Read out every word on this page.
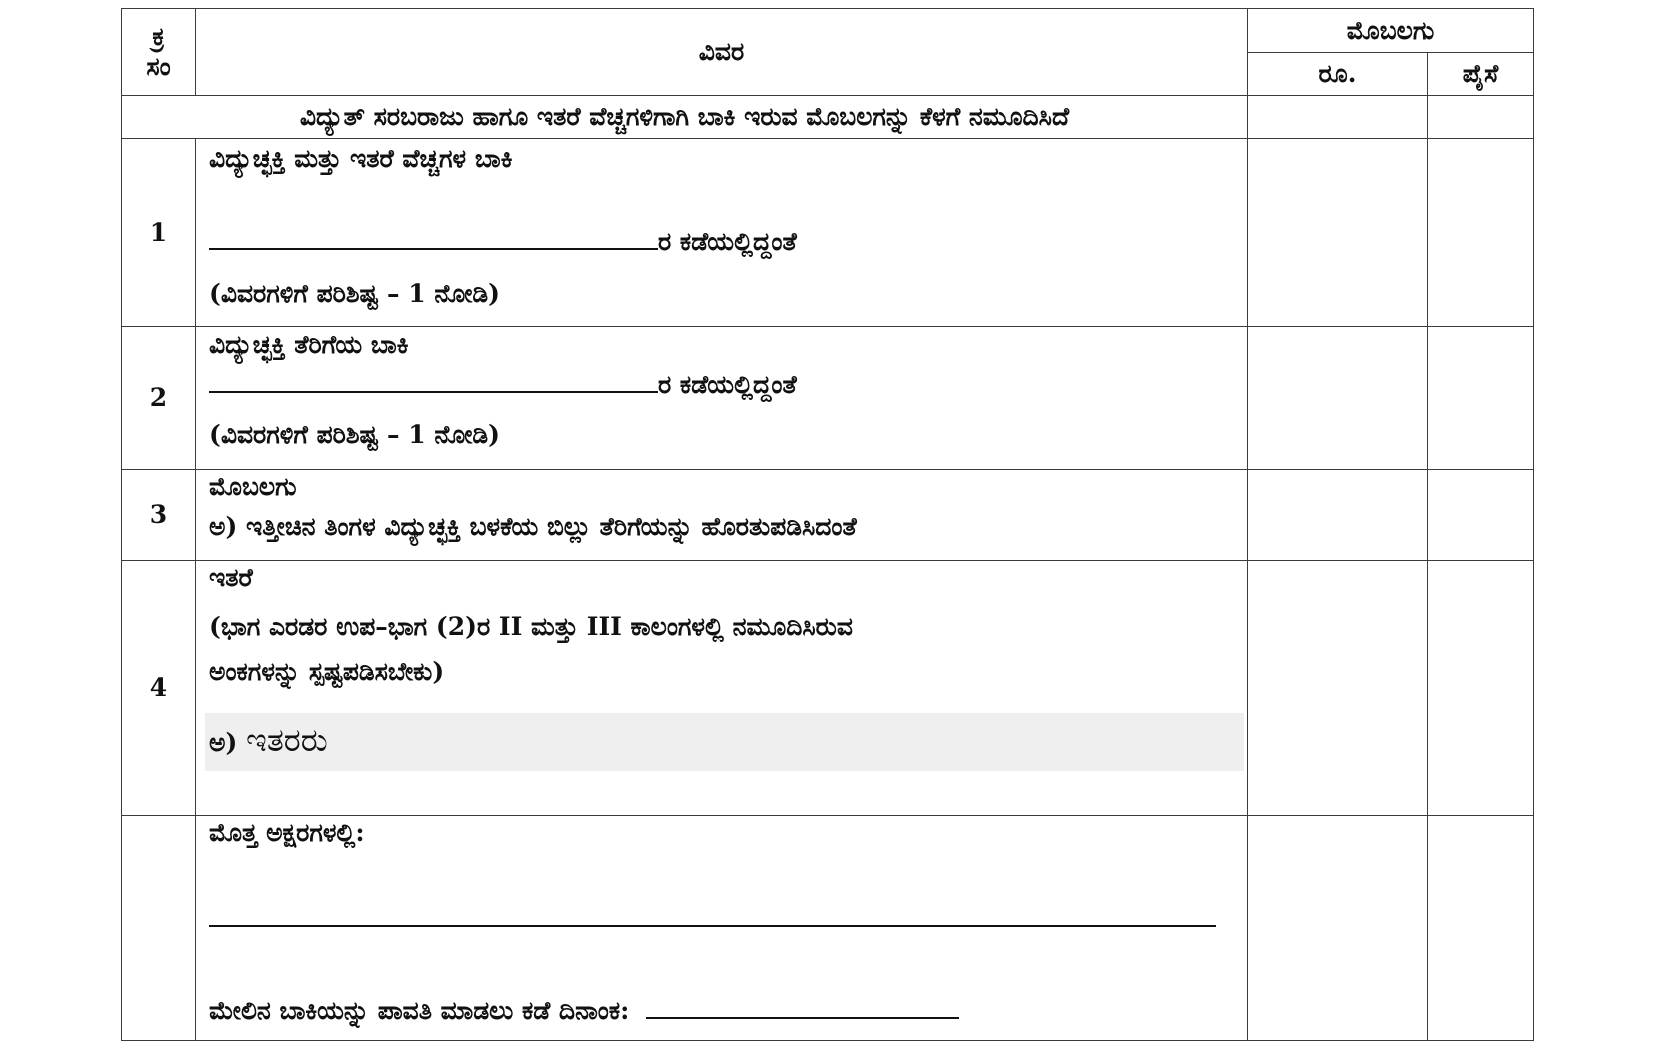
ಕ್ರ
ಸಂ	ವಿವರ	ಮೊಬಲಗು	
		ರೂ.	ಪೈಸೆ
ವಿದ್ಯುತ್ ಸರಬರಾಜು ಹಾಗೂ ಇತರೆ ವೆಚ್ಚಗಳಿಗಾಗಿ ಬಾಕಿ ಇರುವ ಮೊಬಲಗನ್ನು ಕೆಳಗೆ ನಮೂದಿಸಿದೆ			
1	ವಿದ್ಯುಚ್ಛಕ್ತಿ ಮತ್ತು ಇತರೆ ವೆಚ್ಚಗಳ ಬಾಕಿ
ರ ಕಡೆಯಲ್ಲಿದ್ದಂತೆ
(ವಿವರಗಳಿಗೆ ಪರಿಶಿಷ್ಟ – 1 ನೋಡಿ)		

2	ವಿದ್ಯುಚ್ಛಕ್ತಿ ತೆರಿಗೆಯ ಬಾಕಿ
ರ ಕಡೆಯಲ್ಲಿದ್ದಂತೆ
(ವಿವರಗಳಿಗೆ ಪರಿಶಿಷ್ಟ – 1 ನೋಡಿ)		

3	ಮೊಬಲಗು
ಅ) ಇತ್ತೀಚಿನ ತಿಂಗಳ ವಿದ್ಯುಚ್ಛಕ್ತಿ ಬಳಕೆಯ ಬಿಲ್ಲು ತೆರಿಗೆಯನ್ನು ಹೊರತುಪಡಿಸಿದಂತೆ		

4	ಇತರೆ
(ಭಾಗ ಎರಡರ ಉಪ–ಭಾಗ (2)ರ II ಮತ್ತು III ಕಾಲಂಗಳಲ್ಲಿ ನಮೂದಿಸಿರುವ
ಅಂಕಗಳನ್ನು ಸ್ಪಷ್ಟಪಡಿಸಬೇಕು)
ಅ) ಇತರರು		

	ಮೊತ್ತ ಅಕ್ಷರಗಳಲ್ಲಿ:
ಮೇಲಿನ ಬಾಕಿಯನ್ನು ಪಾವತಿ ಮಾಡಲು ಕಡೆ ದಿನಾಂಕ:		
